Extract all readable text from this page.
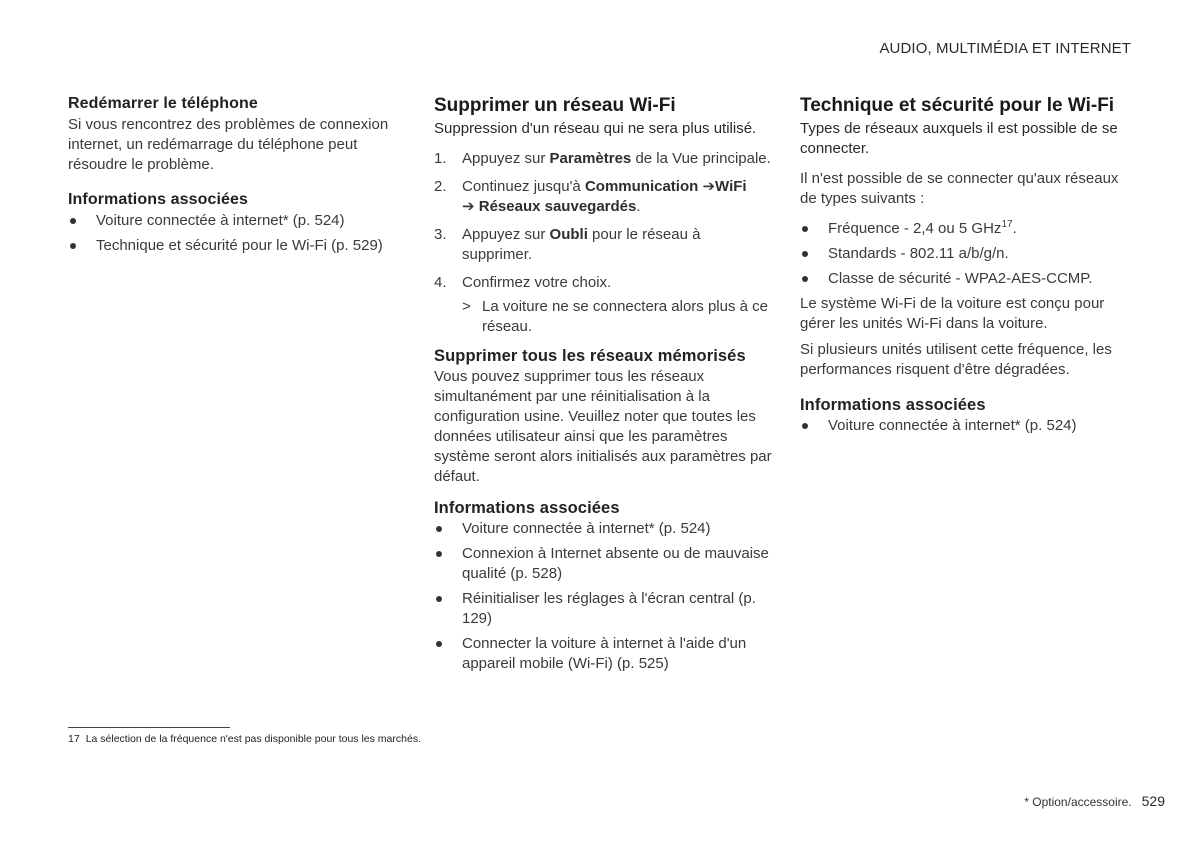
AUDIO, MULTIMÉDIA ET INTERNET
Redémarrer le téléphone

Si vous rencontrez des problèmes de connexion internet, un redémarrage du téléphone peut résoudre le problème.

Informations associées
Voiture connectée à internet* (p. 524)
Technique et sécurité pour le Wi-Fi (p. 529)
Supprimer un réseau Wi-Fi

Suppression d'un réseau qui ne sera plus utilisé.

1. Appuyez sur Paramètres de la Vue principale.
2. Continuez jusqu'à Communication ➔WiFi
➔ Réseaux sauvegardés.
3. Appuyez sur Oubli pour le réseau à supprimer.
4. Confirmez votre choix.
> La voiture ne se connectera alors plus à ce réseau.
Supprimer tous les réseaux mémorisés

Vous pouvez supprimer tous les réseaux simultanément par une réinitialisation à la configuration usine. Veuillez noter que toutes les données utilisateur ainsi que les paramètres système seront alors initialisés aux paramètres par défaut.

Informations associées
Voiture connectée à internet* (p. 524)
Connexion à Internet absente ou de mauvaise qualité (p. 528)
Réinitialiser les réglages à l'écran central (p. 129)
Connecter la voiture à internet à l'aide d'un appareil mobile (Wi-Fi) (p. 525)
Technique et sécurité pour le Wi-Fi

Types de réseaux auxquels il est possible de se connecter.

Il n'est possible de se connecter qu'aux réseaux de types suivants :

Fréquence - 2,4 ou 5 GHz$^{17}$.
Standards - 802.11 a/b/g/n.
Classe de sécurité - WPA2-AES-CCMP.

Le système Wi-Fi de la voiture est conçu pour gérer les unités Wi-Fi dans la voiture.

Si plusieurs unités utilisent cette fréquence, les performances risquent d'être dégradées.

Informations associées
Voiture connectée à internet* (p. 524)
17 La sélection de la fréquence n'est pas disponible pour tous les marchés.
* Option/accessoire. 529
